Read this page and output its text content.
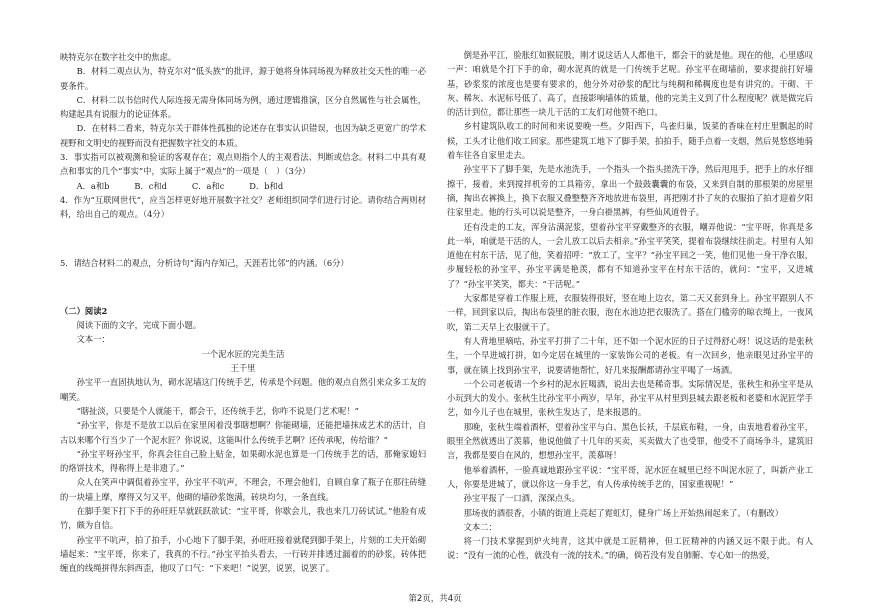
映特克尔在数字社交中的焦虑。

B．材料二观点认为，特克尔对“低头族”的批评，源于她将身体同场视为释放社交天性的唯一必要条件。

C．材料二以书信时代人际连接无需身体同场为例，通过逻辑推演，区分自然属性与社会属性，构建起具有说服力的论证体系。

D．在材料二看来，特克尔关于群体性孤独的论述存在事实认识错误，也因为缺乏更宽广的学术视野和文明史的视野而没有把握数字社交的本质。

3．事实指可以被观测和验证的客观存在；观点则指个人的主观看法、判断或信念。材料二中具有观点和事实的几个“事实”中，实际上属于“观点”的一项是（　）（3分）

A．a和b　　　B．c和d　　　C．a和c　　　D．b和d

4．作为“互联网世代”，应当怎样更好地开展数字社交？老师组织同学们进行讨论。请你结合两则材料，给出自己的观点。（4分）

5．请结合材料二的观点，分析诗句“海内存知己，天涯若比邻”的内涵。（6分）

（二）阅读2

阅读下面的文字，完成下面小题。

文本一：

一个泥水匠的完美生活

王千里

孙宝平一直固执地认为，砌水泥墙这门传统手艺，传承是个问题。他的观点自然引来众多工友的嘲笑。

“瞎扯淡，只要是个人就能干，都会干，还传统手艺，你咋不说是门艺术呢！”

“孙宝平，你是不是放工以后在家里闲着没事瞎想啊？你能砌墙，还能把墙抹成艺术的活计，自古以来哪个行当少了一个泥水匠？你说说，这能叫什么传统手艺啊？还传承呢，传给谁？”

“孙宝平呀孙宝平，你真会往自己脸上贴金，如果砌水泥也算是一门传统手艺的话，那俺家媳妇的烙饼技术，得称得上是非遗了。”

众人在笑声中调侃着孙宝平，孙宝平不吭声，不理会，不理会他们，自顾自拿了瓶子在那往砖缝的一块墙上摩，摩得又匀又平，他砌的墙砂浆饱满，砖块均匀，一条直线。

在脚手架下打下手的孙旺旺早就跃跃欲试：“宝平哥，你歇会儿，我也来几刀砖试试。”他脸有成竹，颇为自信。

孙宝平不吭声，拍了拍手，小心地下了脚手架，孙旺旺接着就爬到脚手架上，片刻的工夫开始砌墙起来：“宝平哥，你来了，我真的不行。”孙宝平抬头看去，一行砖并排透过漏着的的砂浆，砖体把缠直的线绳拼得东斜西歪，他叹了口气：“下来吧！”说罢，说罢，说罢了。

倒是孙平江，脸胀红如猴屁股，刚才说这话人人都他干，都会干的就是他。现在的他，心里感叹一声：咱就是个打下手的命，砌水泥真的就是一门传统手艺呢。孙宝平在砌墙前，要求提前打好墙基，砂浆浆的浓度也是要有要求的，他分外对砂浆的配比与纯稠和稀稠度也是有讲究的。干砌、干灰、稀灰、水泥标号低了、高了，直接影响墙体的质量，他的完美主义到了什么程度呢？就是做完后的活计到位，都让那些一块儿干活的工友们对他赞不绝口。

乡村建筑队收工的时间和来说要晚一些。夕阳西下，鸟雀归巢，饭菜的香味在村庄里飘起的时候，工头才让他们收工回家。那些建筑工地下了脚手架，拍拍手，随手点着一支烟，然后晃悠悠地骑着车往各自家里走去。

孙宝平下了脚手架，先是水池洗手，一个指头一个指头搓洗干净，然后甩甩手，把手上的水仔细擦干，接着，来到搅拌机旁的工具箱旁，拿出一个鼓鼓囊囊的布袋，又来到自制的那根架的房屋里摘，掏出衣裤换上，换下衣服又叠整整齐齐地放进布袋里，再把刚才扑了灰的衣服拍了拍才迎着夕阳往家里走。他的行头可以说是整齐，一身白褂黑裤，有些仙风道骨子。

还有没走的工友，浑身沾满泥浆，望着孙宝平穿戴整齐的衣服，嘲弄他说：“宝平呀，你真是多此一举，咱就是干活的人，一会儿放工以后去相亲。”孙宝平笑笑，提着布袋继续往前走。村里有人知道他在村东干活，见了他，笑着招呼：“放工了，宝平？”孙宝平回之一笑，他们见他一身干净衣服，步履轻松的孙宝平，孙宝平满是艳羡，都有不知道孙宝平在村东干活的，就问：“宝平，又进城了？”孙宝平笑笑，都夫：“干活呢。”

大家都是穿着工作服上班，衣服装得很好，竖在地上边衣，第二天又套到身上。孙宝平跟别人不一样，回到家以后，掏出布袋里的脏衣服，泡在水池边把衣服洗了。搭在门槛旁的晾衣绳上，一夜风吹，第二天早上衣服就干了。

有人背地里嘀咕，孙宝平打拼了二十年，还不如一个泥水匠的日子过得舒心呀！说这话的是张秋生，一个早进城打拼，如今定居在城里的一家装饰公司的老板。有一次回乡，他亲眼见过孙宝平的事，就在镇上找到孙宝平，说要请他帮忙，好几来报酬都请孙宝平喝了一场酒。

一个公司老板请一个乡村的泥水匠喝酒，说出去也是稀奇事。实际情况是，张秋生和孙宝平是从小玩到大的发小。张秋生比孙宝平小两岁，早年，孙宝平从村里到县城去跟老板和老婆和水泥匠学手艺，如今儿子也在城里，张秋生发达了，是来报恩的。

那晚，张秋生端着酒杯，望着孙宝平与白、黑色长袄，千层底布鞋，一身，由衷地看着孙宝平，眼里全然就透出了羡慕，他说他做了十几年的买卖，买卖做大了也受罪，他受不了商场争斗，建筑旧言，我都是要自在风的，想想孙宝平，羡慕呀！

他举着酒杯，一脸真诚地跟孙宝平说：“宝平哥，泥水匠在城里已经不叫泥水匠了，叫新产业工人，你要是进城了，就以你这一身手艺，有人传承传统手艺的，国家重视呢！”

孙宝平报了一口酒，深深点头。

那场夜的酒很香，小镇的街道上亮起了霓虹灯，健身广场上开始热闹起来了。（有删改）

文本二：

将一门技术掌握到炉火纯青，这其中就是工匠精神，但工匠精神的内涵又远不限于此。有人说：“没有一流的心性，就没有一流的技术。”的确，倘若没有发自肺腑、专心如一的热爱，

第2页，共4页
